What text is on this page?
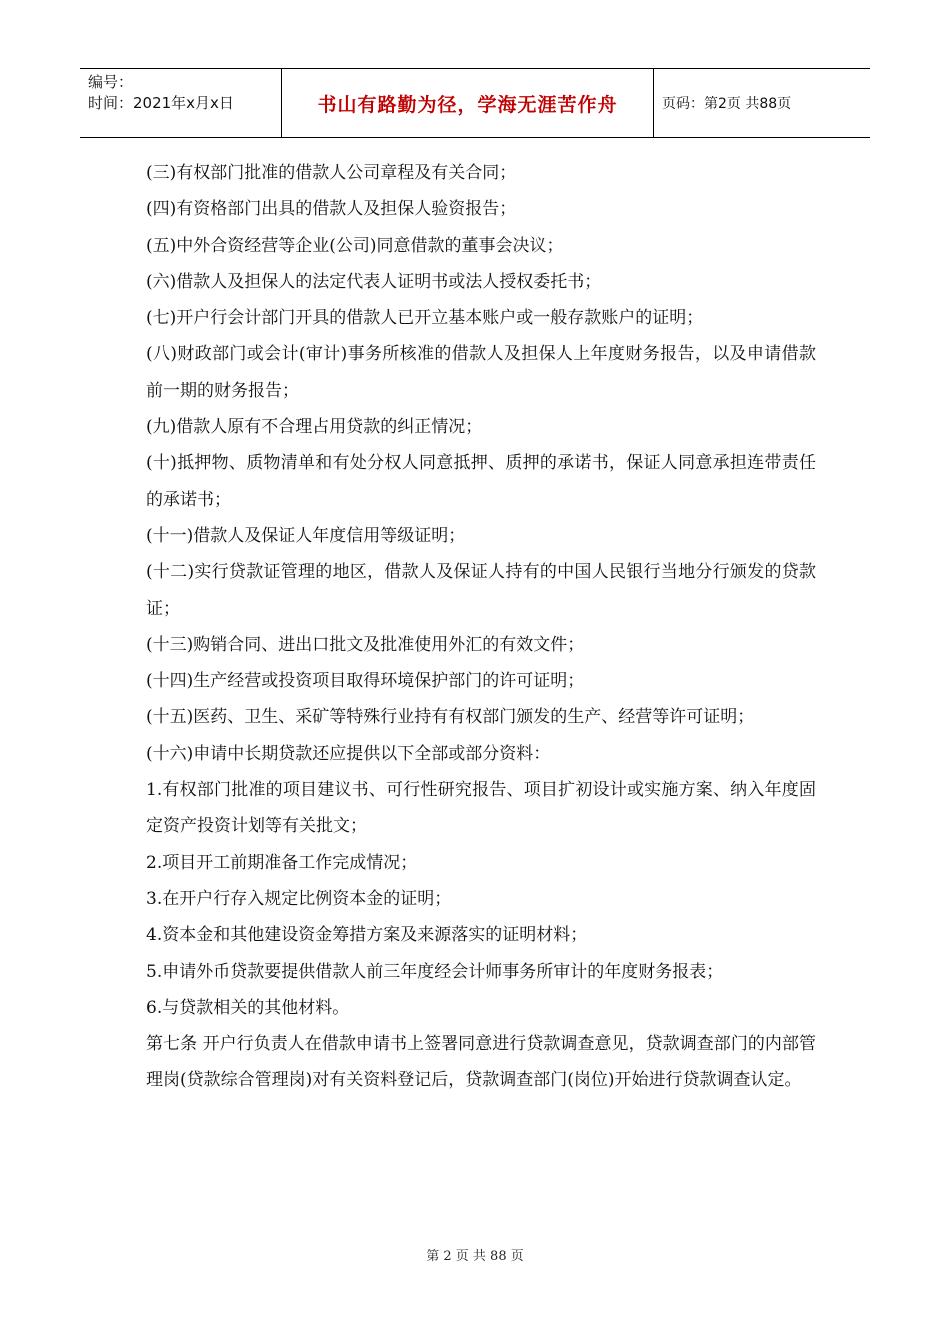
编号：
时间：2021年x月x日	书山有路勤为径，学海无涯苦作舟	页码：第2页 共88页

(三)有权部门批准的借款人公司章程及有关合同；

(四)有资格部门出具的借款人及担保人验资报告；

(五)中外合资经营等企业(公司)同意借款的董事会决议；

(六)借款人及担保人的法定代表人证明书或法人授权委托书；

(七)开户行会计部门开具的借款人已开立基本账户或一般存款账户的证明；

(八)财政部门或会计(审计)事务所核准的借款人及担保人上年度财务报告，以及申请借款前一期的财务报告；

(九)借款人原有不合理占用贷款的纠正情况；

(十)抵押物、质物清单和有处分权人同意抵押、质押的承诺书，保证人同意承担连带责任的承诺书；

(十一)借款人及保证人年度信用等级证明；

(十二)实行贷款证管理的地区，借款人及保证人持有的中国人民银行当地分行颁发的贷款证；

(十三)购销合同、进出口批文及批准使用外汇的有效文件；

(十四)生产经营或投资项目取得环境保护部门的许可证明；

(十五)医药、卫生、采矿等特殊行业持有有权部门颁发的生产、经营等许可证明；

(十六)申请中长期贷款还应提供以下全部或部分资料：

1.有权部门批准的项目建议书、可行性研究报告、项目扩初设计或实施方案、纳入年度固定资产投资计划等有关批文；

2.项目开工前期准备工作完成情况；

3.在开户行存入规定比例资本金的证明；

4.资本金和其他建设资金筹措方案及来源落实的证明材料；

5.申请外币贷款要提供借款人前三年度经会计师事务所审计的年度财务报表；

6.与贷款相关的其他材料。

第七条 开户行负责人在借款申请书上签署同意进行贷款调查意见，贷款调查部门的内部管理岗(贷款综合管理岗)对有关资料登记后，贷款调查部门(岗位)开始进行贷款调查认定。

第 2 页 共 88 页
